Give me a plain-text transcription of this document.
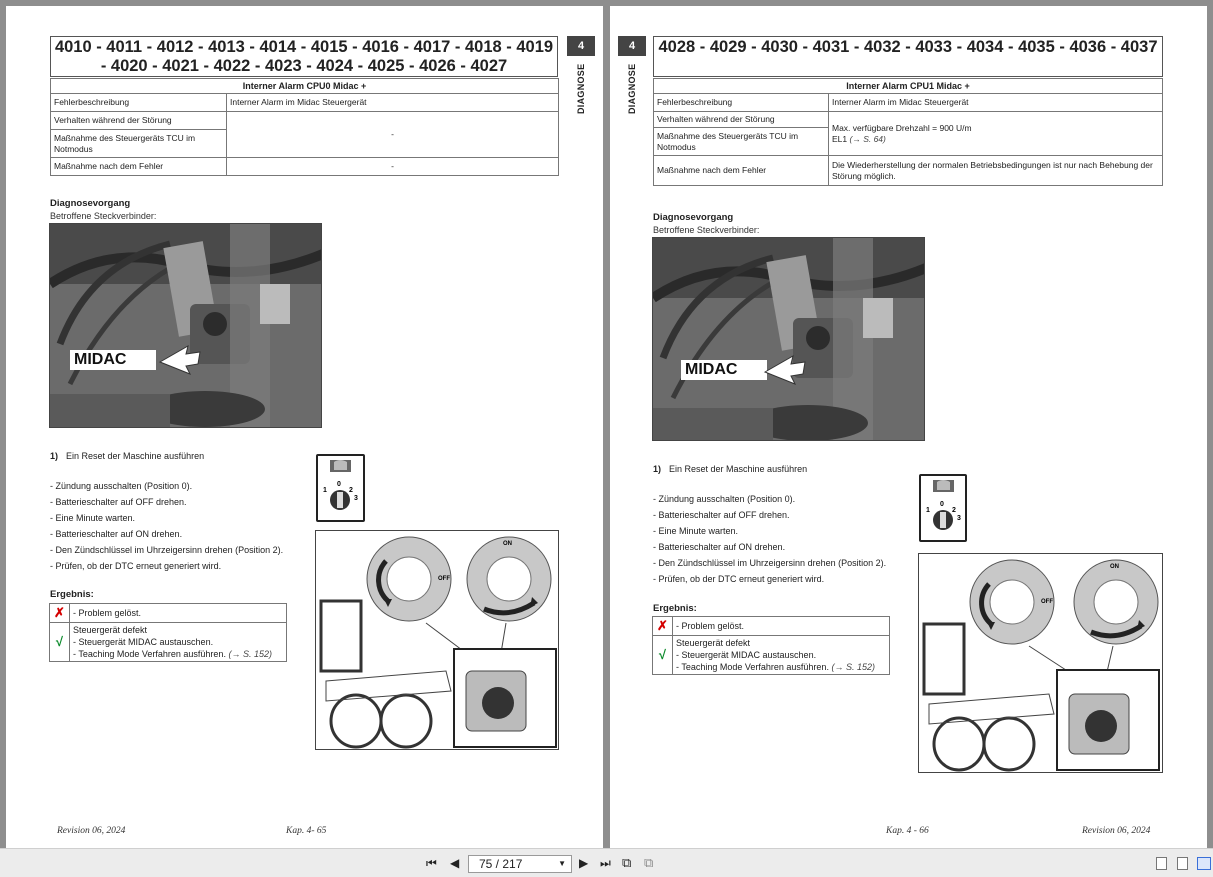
4010 - 4011 - 4012 - 4013 - 4014 - 4015 - 4016 - 4017 - 4018 - 4019 - 4020 - 4021 - 4022 - 4023 - 4024 - 4025 - 4026 - 4027
4
DIAGNOSE
Interner Alarm CPU0 Midac +	
Fehlerbeschreibung	Interner Alarm im Midac Steuergerät
Verhalten während der Störung	-
Maßnahme des Steuergeräts TCU im Notmodus	
Maßnahme nach dem Fehler	-
Diagnosevorgang
Betroffene Steckverbinder:
MIDAC
1) Ein Reset der Maschine ausführen
- Zündung ausschalten (Position 0).
- Batterieschalter auf OFF drehen.
- Eine Minute warten.
- Batterieschalter auf ON drehen.
- Den Zündschlüssel im Uhrzeigersinn drehen (Position 2).
- Prüfen, ob der DTC erneut generiert wird.
Ergebnis:
✗	- Problem gelöst.
√	Steuergerät defekt
- Steuergerät MIDAC austauschen.
- Teaching Mode Verfahren ausführen. (→ S. 152)
1
0
2
3
OFF
ON
Revision 06, 2024	Kap. 4- 65
4
DIAGNOSE
4028 - 4029 - 4030 - 4031 - 4032 - 4033 - 4034 - 4035 - 4036 - 4037
Interner Alarm CPU1 Midac +	
Fehlerbeschreibung	Interner Alarm im Midac Steuergerät
Verhalten während der Störung	Max. verfügbare Drehzahl = 900 U/m
EL1 (→ S. 64)

Maßnahme des Steuergeräts TCU im Notmodus	
Maßnahme nach dem Fehler	Die Wiederherstellung der normalen Betriebsbedingungen ist nur nach Behebung der Störung möglich.
Diagnosevorgang
Betroffene Steckverbinder:
MIDAC
1) Ein Reset der Maschine ausführen
- Zündung ausschalten (Position 0).
- Batterieschalter auf OFF drehen.
- Eine Minute warten.
- Batterieschalter auf ON drehen.
- Den Zündschlüssel im Uhrzeigersinn drehen (Position 2).
- Prüfen, ob der DTC erneut generiert wird.
Ergebnis:
✗	- Problem gelöst.
√	Steuergerät defekt
- Steuergerät MIDAC austauschen.
- Teaching Mode Verfahren ausführen. (→ S. 152)
1
0
2
3
OFF
ON
Kap. 4 - 66	Revision 06, 2024
⏮ ◀	75 / 217	▼ ▶ ⏭ ⧉ ⧉
